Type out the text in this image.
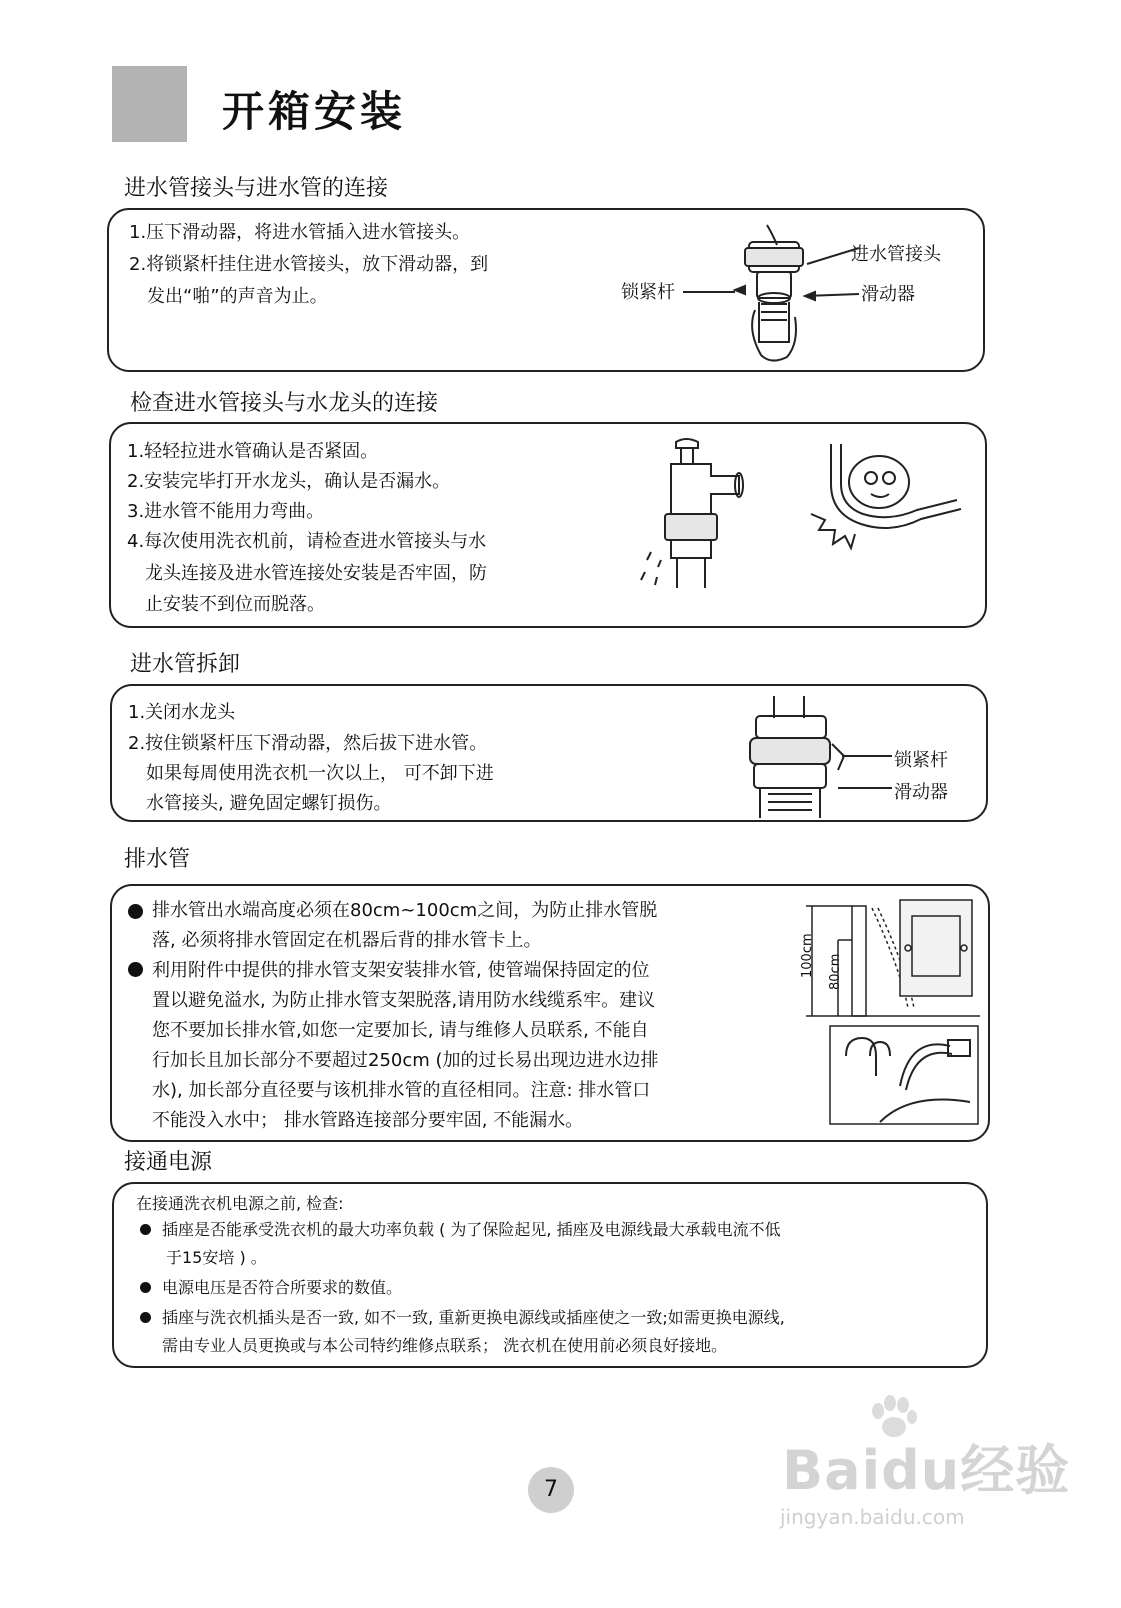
开箱安装
进水管接头与进水管的连接
1.压下滑动器，将进水管插入进水管接头。
2.将锁紧杆挂住进水管接头，放下滑动器，到
发出“啪”的声音为止。
进水管接头
锁紧杆	滑动器
检查进水管接头与水龙头的连接
1.轻轻拉进水管确认是否紧固。
2.安装完毕打开水龙头，确认是否漏水。
3.进水管不能用力弯曲。
4.每次使用洗衣机前，请检查进水管接头与水
龙头连接及进水管连接处安装是否牢固，防
止安装不到位而脱落。
进水管拆卸
1.关闭水龙头
2.按住锁紧杆压下滑动器，然后拔下进水管。
如果每周使用洗衣机一次以上， 可不卸下进
水管接头, 避免固定螺钉损伤。
锁紧杆
滑动器
排水管
排水管出水端高度必须在80cm~100cm之间，为防止排水管脱
落, 必须将排水管固定在机器后背的排水管卡上。
利用附件中提供的排水管支架安装排水管, 使管端保持固定的位
置以避免溢水, 为防止排水管支架脱落,请用防水线缆系牢。建议
您不要加长排水管,如您一定要加长, 请与维修人员联系, 不能自
行加长且加长部分不要超过250cm (加的过长易出现边进水边排
水), 加长部分直径要与该机排水管的直径相同。注意: 排水管口
不能没入水中； 排水管路连接部分要牢固, 不能漏水。
100cm	80cm
接通电源
在接通洗衣机电源之前, 检查:
插座是否能承受洗衣机的最大功率负载 ( 为了保险起见, 插座及电源线最大承载电流不低
于15安培 ) 。
电源电压是否符合所要求的数值。
插座与洗衣机插头是否一致, 如不一致, 重新更换电源线或插座使之一致;如需更换电源线,
需由专业人员更换或与本公司特约维修点联系； 洗衣机在使用前必须良好接地。
Baidu经验
jingyan.baidu.com
7
